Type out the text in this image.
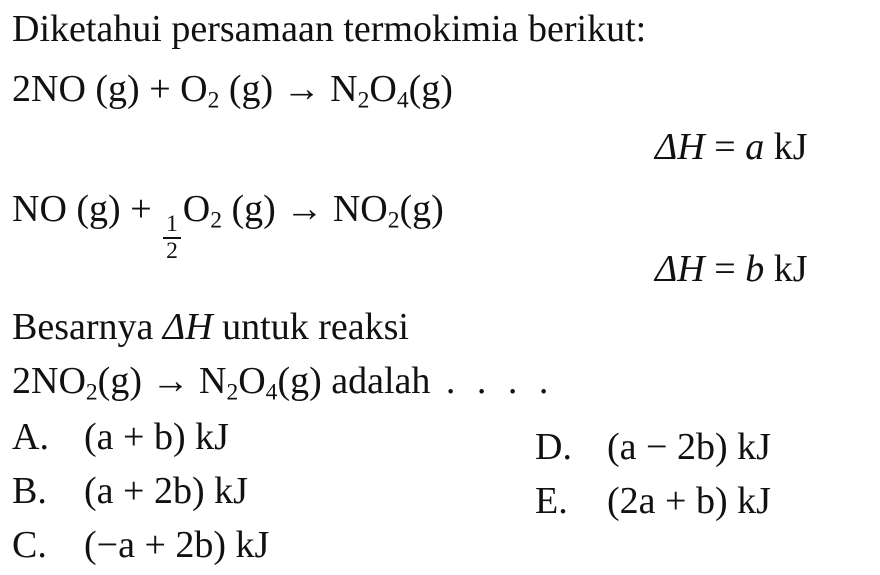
Diketahui persamaan termokimia berikut:
2NO $(g) + O_2$ $(g) \to N_2O_4(g)$
ΔH = a kJ
NO (g) +
$\frac{1}{2}$
$O_2$ $(g) \to NO_2(g)$
ΔH = b kJ
Besarnya ΔH untuk reaksi
$2NO_2(g) \to N_2O_4(g)$ adalah . . . .
A. (a + b) kJ
B. (a + 2b) kJ
C. (−a + 2b) kJ
D. (a − 2b) kJ
E. (2a + b) kJ
